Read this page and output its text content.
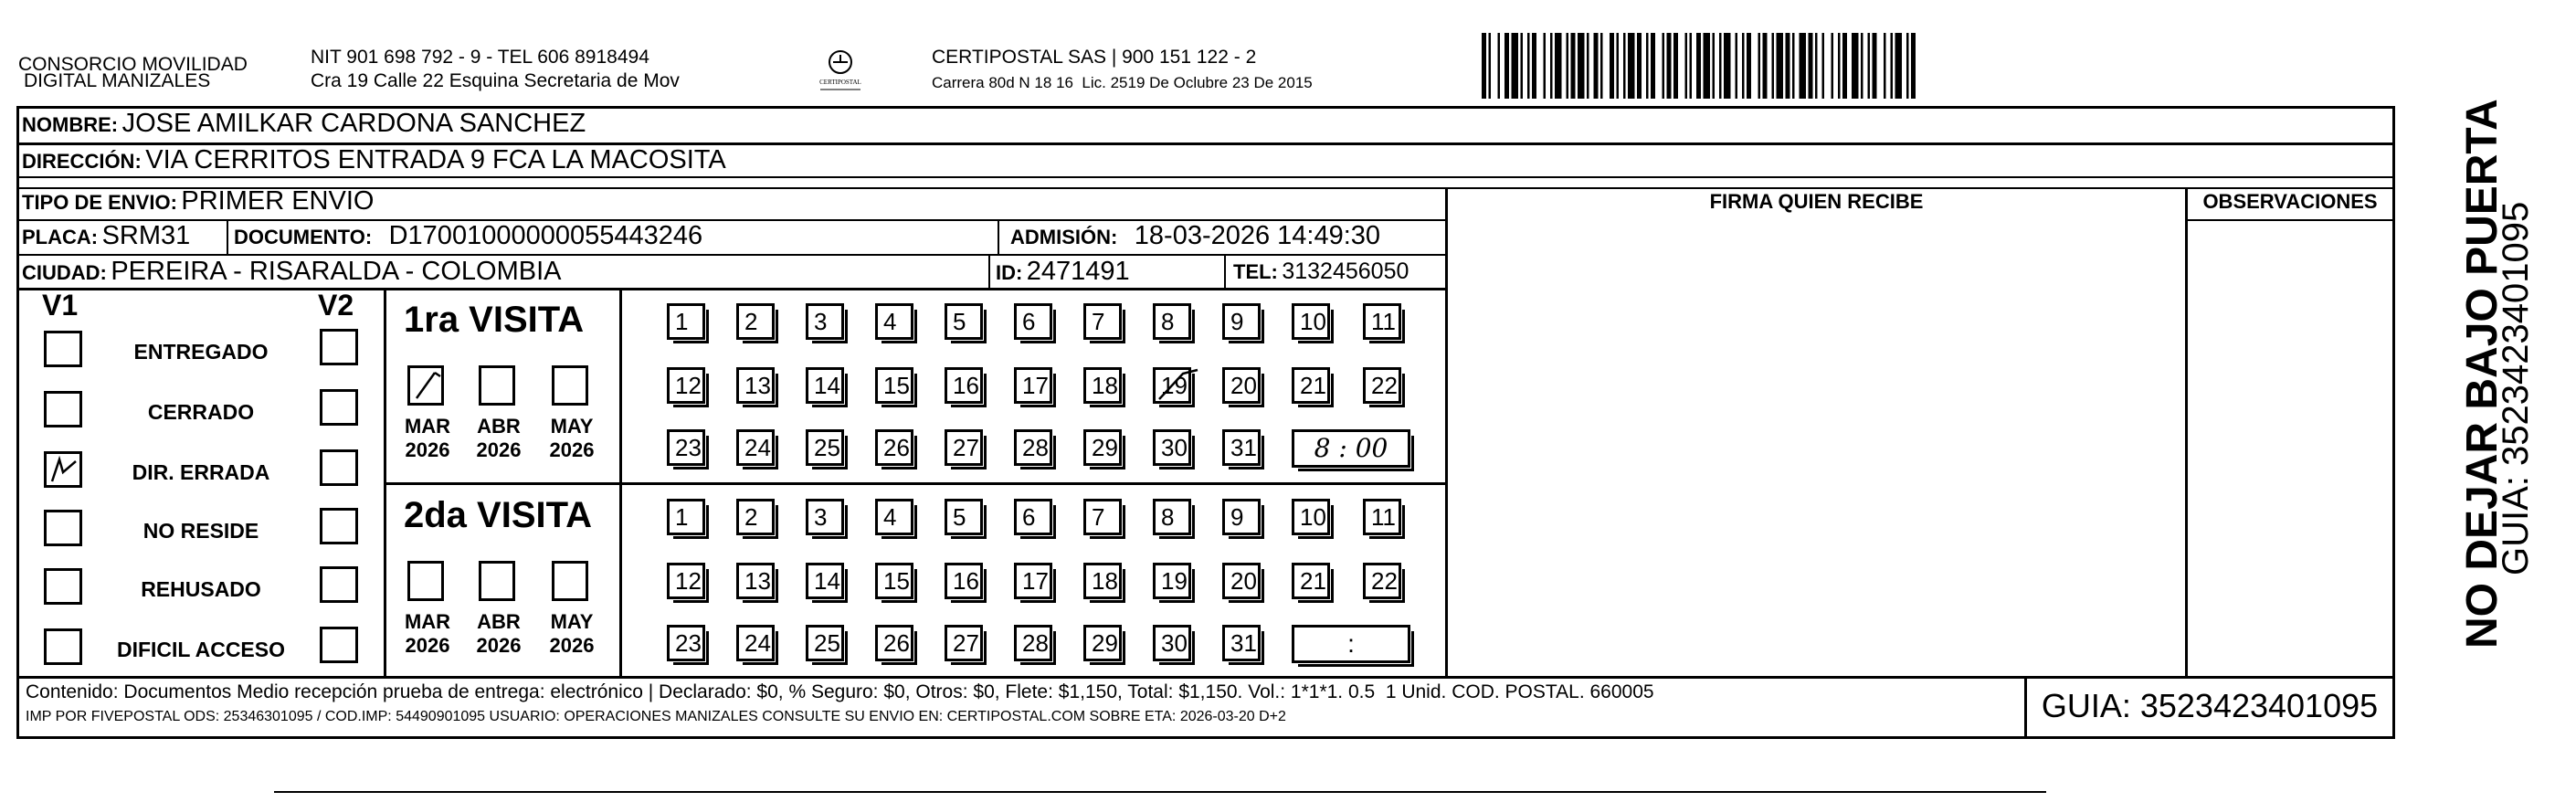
CONSORCIO MOVILIDAD
DIGITAL MANIZALES
NIT 901 698 792 - 9 - TEL 606 8918494
Cra 19 Calle 22 Esquina Secretaria de Mov	CERTIPOSTAL
CERTIPOSTAL SAS | 900 151 122 - 2
Carrera 80d N 18 16  Lic. 2519 De Oclubre 23 De 2015
NOMBRE: JOSE AMILKAR CARDONA SANCHEZ
DIRECCIÓN: VIA CERRITOS ENTRADA 9 FCA LA MACOSITA
TIPO DE ENVIO: PRIMER ENVIO
PLACA: SRM31 DOCUMENTO: D17001000000055443246	ADMISIÓN: 18-03-2026 14:49:30
CIUDAD: PEREIRA - RISARALDA - COLOMBIA	ID: 2471491	TEL: 3132456050
FIRMA QUIEN RECIBE	OBSERVACIONES
V1	V2
ENTREGADO
CERRADO
DIR. ERRADA
NO RESIDE
REHUSADO
DIFICIL ACCESO
1ra VISITA
MAR
2026
ABR
2026
MAY
2026
1	2	3	4	5	6	7	8	9	10	11
12	13	14	15	16	17	18	19	20	21	22
23	24	25	26	27	28	29	30	31	8 : 00
2da VISITA
MAR
2026
ABR
2026
MAY
2026
1	2	3	4	5	6	7	8	9	10	11
12	13	14	15	16	17	18	19	20	21	22
23	24	25	26	27	28	29	30	31	:
Contenido: Documentos Medio recepción prueba de entrega: electrónico | Declarado: $0, % Seguro: $0, Otros: $0, Flete: $1,150, Total: $1,150. Vol.: 1*1*1. 0.5  1 Unid. COD. POSTAL. 660005
IMP POR FIVEPOSTAL ODS: 25346301095 / COD.IMP: 54490901095 USUARIO: OPERACIONES MANIZALES CONSULTE SU ENVIO EN: CERTIPOSTAL.COM SOBRE ETA: 2026-03-20 D+2	GUIA: 3523423401095
NO DEJAR BAJO PUERTA
GUIA: 3523423401095
